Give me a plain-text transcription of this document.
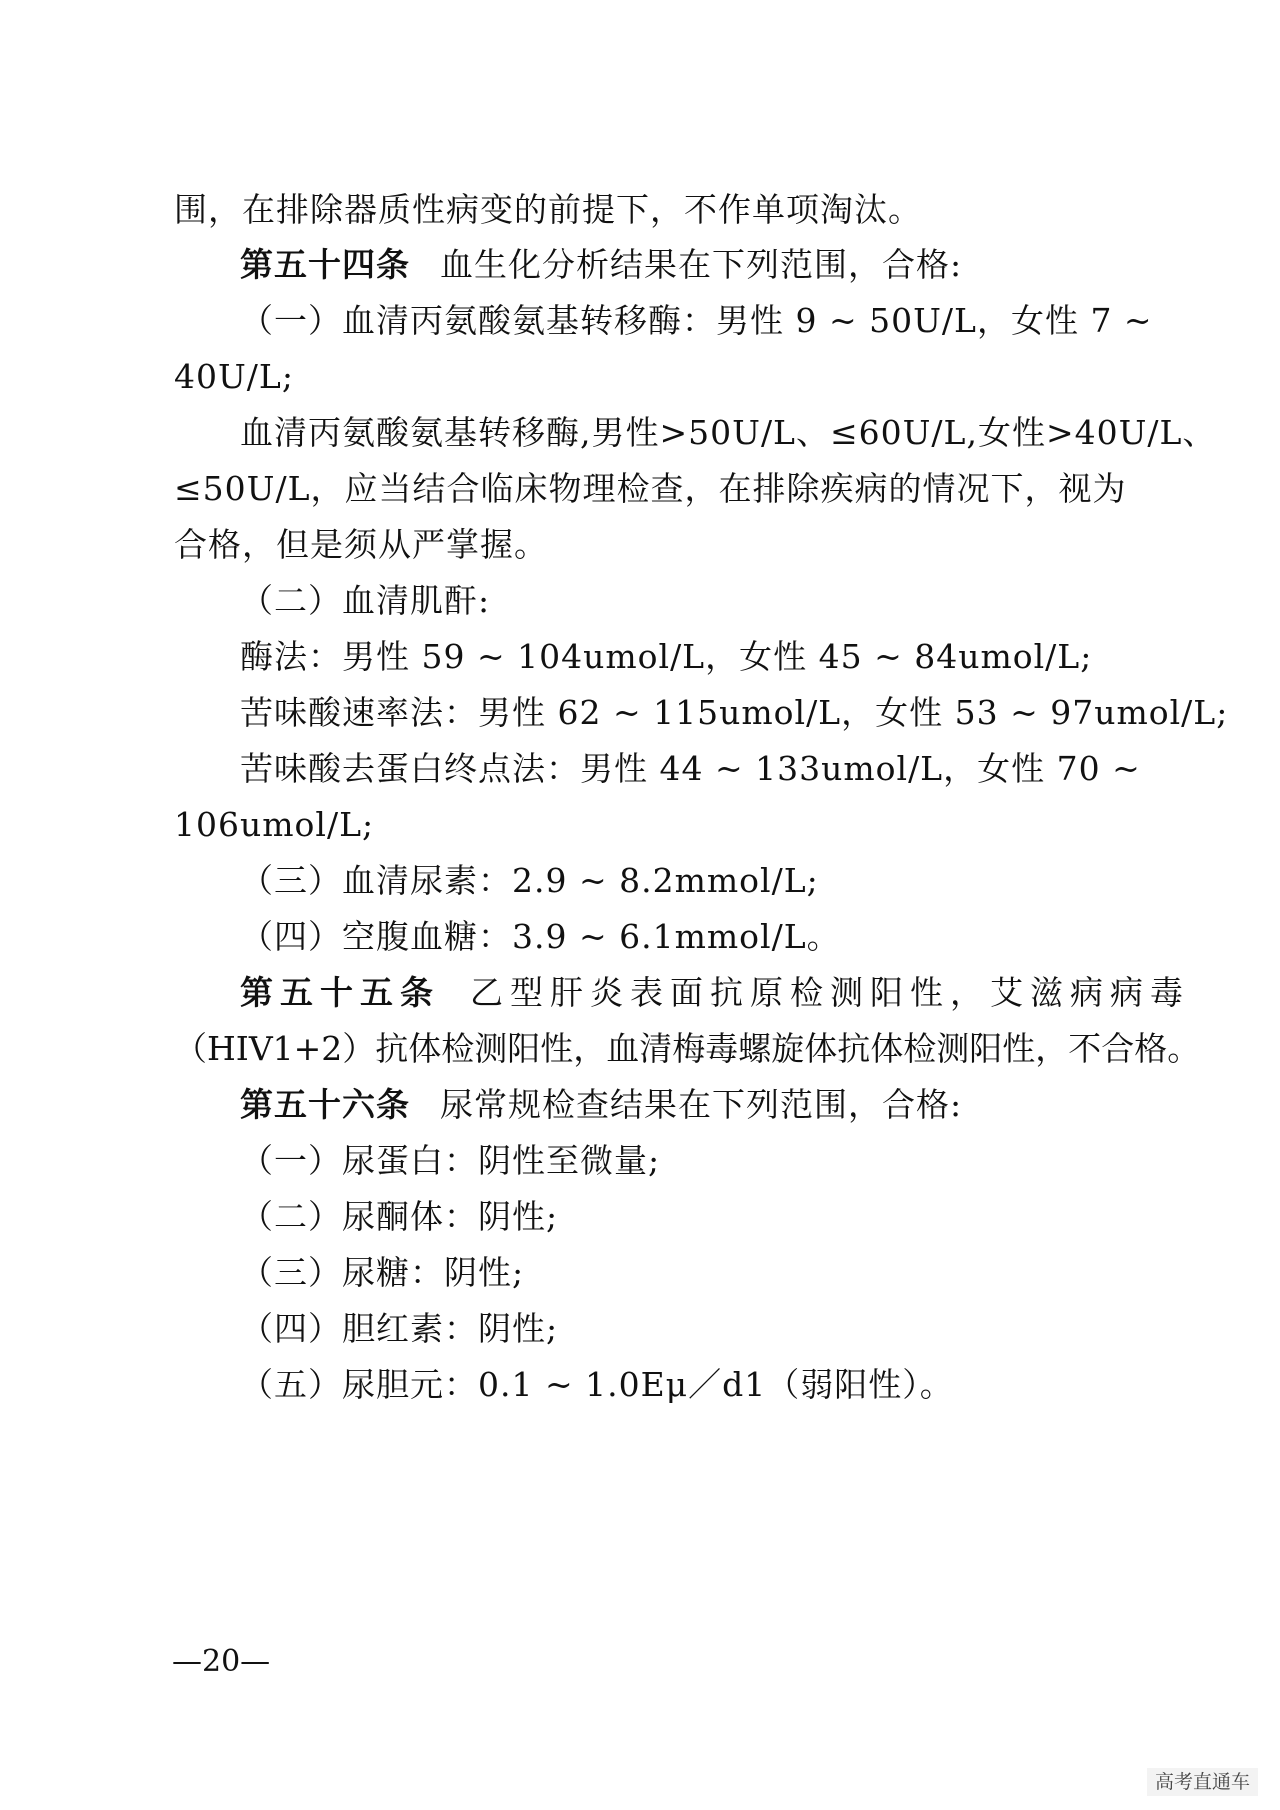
围，在排除器质性病变的前提下，不作单项淘汰。
第五十四条 血生化分析结果在下列范围，合格:
（一）血清丙氨酸氨基转移酶：男性 9 ~ 50U/L，女性 7 ~
40U/L;
血清丙氨酸氨基转移酶,男性>50U/L、≤60U/L,女性>40U/L、
≤50U/L，应当结合临床物理检查，在排除疾病的情况下，视为
合格，但是须从严掌握。
（二）血清肌酐:
酶法：男性 59 ~ 104umol/L，女性 45 ~ 84umol/L;
苦味酸速率法：男性 62 ~ 115umol/L，女性 53 ~ 97umol/L;
苦味酸去蛋白终点法：男性 44 ~ 133umol/L，女性 70 ~
106umol/L;
（三）血清尿素：2.9 ~ 8.2mmol/L;
（四）空腹血糖：3.9 ~ 6.1mmol/L。
第五十五条 乙型肝炎表面抗原检测阳性，艾滋病病毒
（HIV1+2）抗体检测阳性，血清梅毒螺旋体抗体检测阳性，不合格。
第五十六条 尿常规检查结果在下列范围，合格:
（一）尿蛋白：阴性至微量;
（二）尿酮体：阴性;
（三）尿糖：阴性;
（四）胆红素：阴性;
（五）尿胆元：0.1 ~ 1.0Eμ／d1（弱阳性）。
—20—
高考直通车
